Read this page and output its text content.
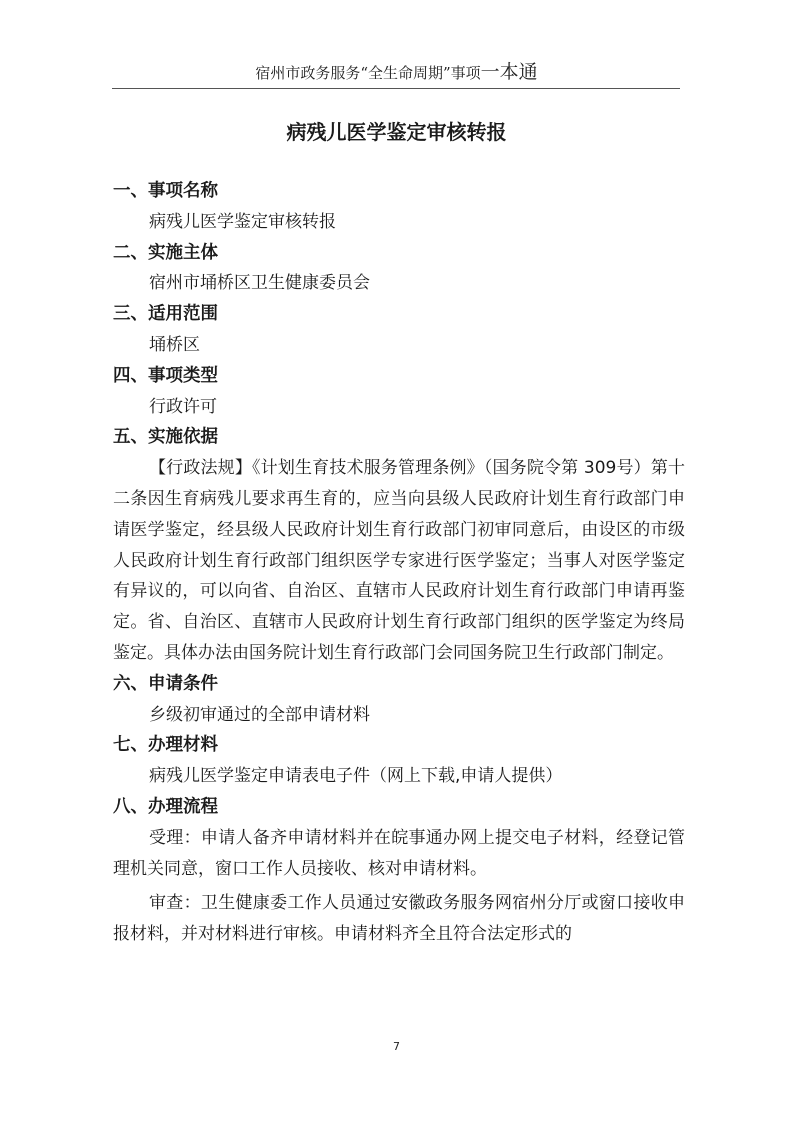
宿州市政务服务“全生命周期”事项一本通
病残儿医学鉴定审核转报
一、事项名称
病残儿医学鉴定审核转报
二、实施主体
宿州市埇桥区卫生健康委员会
三、适用范围
埇桥区
四、事项类型
行政许可
五、实施依据
【行政法规】《计划生育技术服务管理条例》（国务院令第 309号）第十二条因生育病残儿要求再生育的，应当向县级人民政府计划生育行政部门申请医学鉴定，经县级人民政府计划生育行政部门初审同意后，由设区的市级人民政府计划生育行政部门组织医学专家进行医学鉴定；当事人对医学鉴定有异议的，可以向省、自治区、直辖市人民政府计划生育行政部门申请再鉴定。省、自治区、直辖市人民政府计划生育行政部门组织的医学鉴定为终局鉴定。具体办法由国务院计划生育行政部门会同国务院卫生行政部门制定。
六、申请条件
乡级初审通过的全部申请材料
七、办理材料
病残儿医学鉴定申请表电子件（网上下载,申请人提供）
八、办理流程
受理：申请人备齐申请材料并在皖事通办网上提交电子材料，经登记管理机关同意，窗口工作人员接收、核对申请材料。
审查：卫生健康委工作人员通过安徽政务服务网宿州分厅或窗口接收申报材料，并对材料进行审核。申请材料齐全且符合法定形式的
7
